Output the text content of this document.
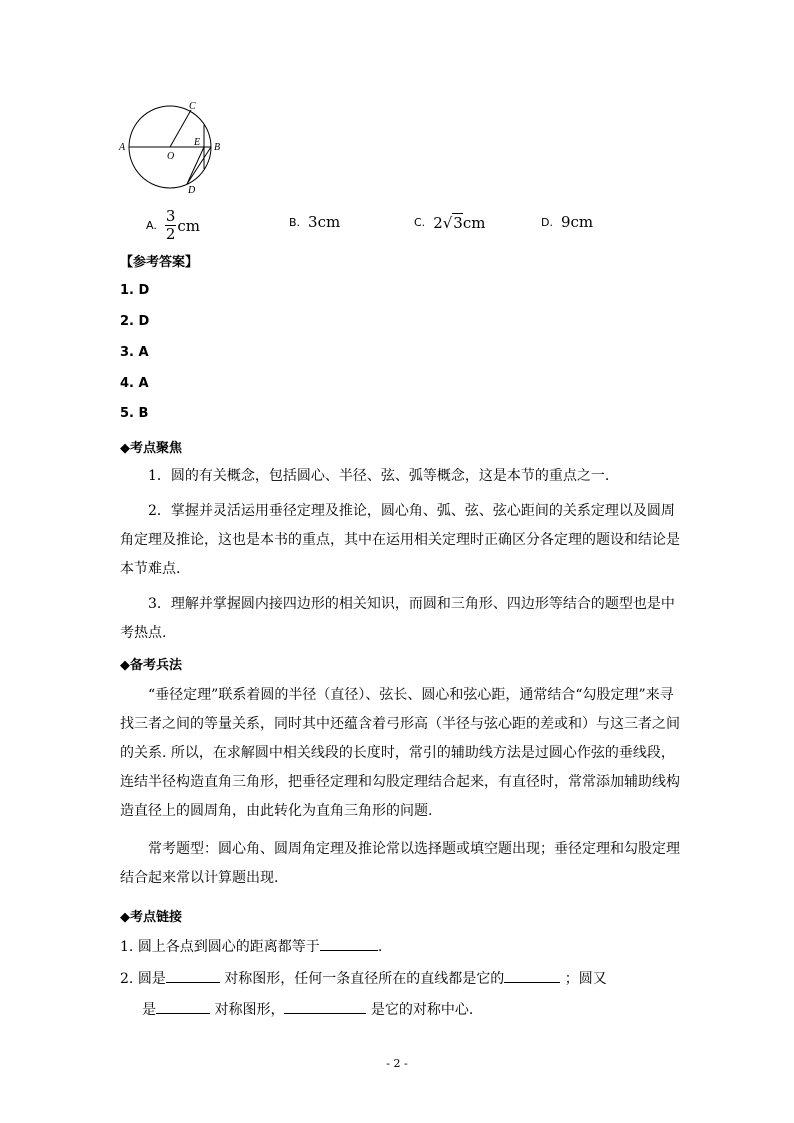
A	B
C
D
O
E
A. $\frac{3}{2}$ cm	B. 3cm	C. 2 √ 3 cm	D. 9cm
【参考答案】
1. D
2. D
3. A
4. A
5. B
◆考点聚焦
1．圆的有关概念，包括圆心、半径、弦、弧等概念，这是本节的重点之一.
2．掌握并灵活运用垂径定理及推论，圆心角、弧、弦、弦心距间的关系定理以及圆周角定理及推论，这也是本书的重点，其中在运用相关定理时正确区分各定理的题设和结论是本节难点.
3．理解并掌握圆内接四边形的相关知识，而圆和三角形、四边形等结合的题型也是中考热点.
◆备考兵法
“垂径定理”联系着圆的半径（直径）、弦长、圆心和弦心距，通常结合“勾股定理”来寻找三者之间的等量关系，同时其中还蕴含着弓形高（半径与弦心距的差或和）与这三者之间的关系. 所以，在求解圆中相关线段的长度时，常引的辅助线方法是过圆心作弦的垂线段，连结半径构造直角三角形，把垂径定理和勾股定理结合起来，有直径时，常常添加辅助线构造直径上的圆周角，由此转化为直角三角形的问题.
常考题型：圆心角、圆周角定理及推论常以选择题或填空题出现；垂径定理和勾股定理结合起来常以计算题出现.
◆考点链接
1. 圆上各点到圆心的距离都等于	.
2. 圆是	对称图形，任何一条直径所在的直线都是它的	；圆又
是	对称图形，	是它的对称中心.
- 2 -
